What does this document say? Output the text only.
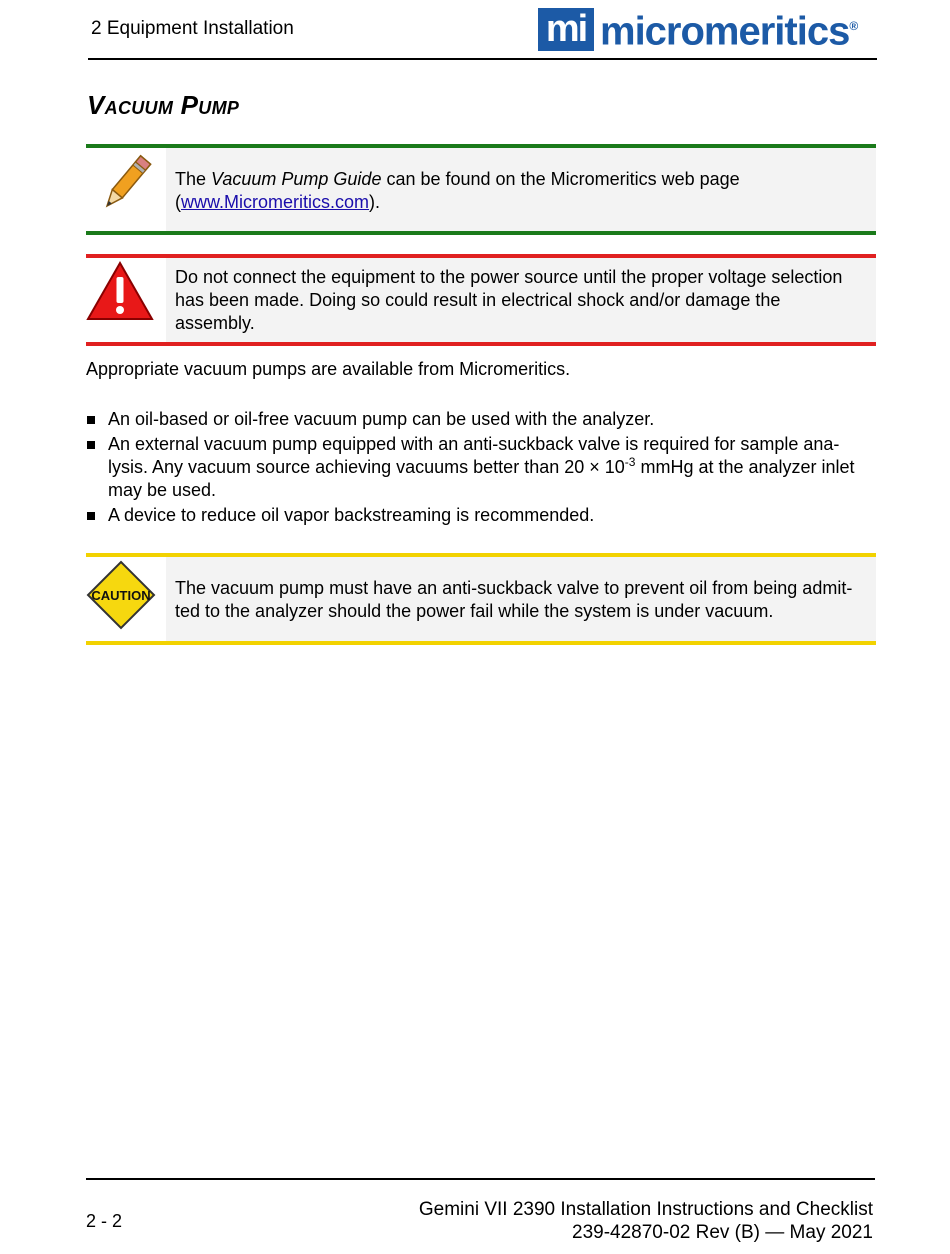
2 Equipment Installation	mi micromeritics®
Vacuum Pump
The Vacuum Pump Guide can be found on the Micromeritics web page
(www.Micromeritics.com).
Do not connect the equipment to the power source until the proper voltage selection has been made. Doing so could result in electrical shock and/or damage the assembly.
Appropriate vacuum pumps are available from Micromeritics.
An oil-based or oil-free vacuum pump can be used with the analyzer.
An external vacuum pump equipped with an anti-suckback valve is required for sample ana-lysis. Any vacuum source achieving vacuums better than $20 \times 10^{-3}$ mmHg at the analyzer inlet may be used.
A device to reduce oil vapor backstreaming is recommended.
CAUTION The vacuum pump must have an anti-suckback valve to prevent oil from being admit-ted to the analyzer should the power fail while the system is under vacuum.
2 - 2
Gemini VII 2390 Installation Instructions and Checklist
239-42870-02 Rev (B) — May 2021
